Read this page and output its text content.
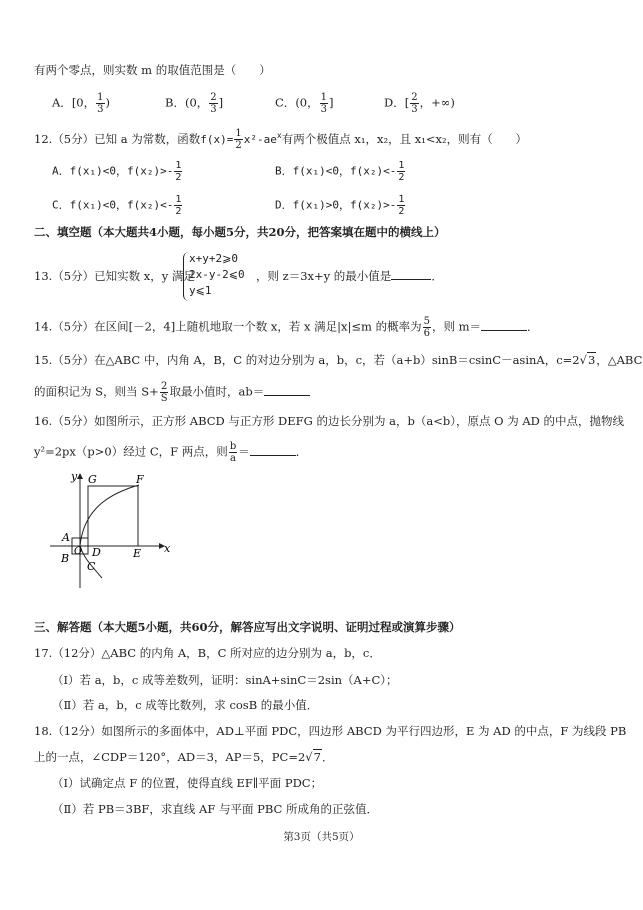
有两个零点，则实数 m 的取值范围是（　　）
A．[0， $\frac{1}{3}$ )	B．(0， $\frac{2}{3}$ ]	C．(0， $\frac{1}{3}$ ]	D．[ $\frac{2}{3}$ ，+∞)
12.（5分）已知 a 为常数，函数$f(x)= \frac{1}{2} x^2-ae^x$有两个极值点 x₁，x₂，且 x₁<x₂，则有（　　）
A．f(x₁)<0，$f(x_2)>- \frac{1}{2}$	B．f(x₁)<0，$f(x_2)<- \frac{1}{2}$
C．f(x₁)<0，$f(x_2)<- \frac{1}{2}$	D．f(x₁)>0，$f(x_2)>- \frac{1}{2}$
二、填空题（本大题共4小题，每小题5分，共20分，把答案填在题中的横线上）
13.（5分）已知实数 x，y 满足
x+y+2⩾0
2x-y-2⩽0
y⩽1
，则 z＝3x+y 的最小值是	．
14.（5分）在区间[－2，4]上随机地取一个数 x，若 x 满足|x|≤m 的概率为 $\frac{5}{6}$ ，则 m＝	．
15.（5分）在△ABC 中，内角 A，B，C 的对边分别为 a，b，c，若（a+b）sinB＝csinC－asinA，c=2√3，△ABC
的面积记为 S，则当 $S+ \frac{2}{S}$ 取最小值时，ab＝
16.（5分）如图所示，正方形 ABCD 与正方形 DEFG 的边长分别为 a，b（a<b），原点 O 为 AD 的中点，抛物线
y²=2px（p>0）经过 C，F 两点，则 $\frac{b}{a}$ ＝	．
y
x
G	F
A
O D	E
B
C
三、解答题（本大题5小题，共60分，解答应写出文字说明、证明过程或演算步骤）
17.（12分）△ABC 的内角 A，B，C 所对应的边分别为 a，b，c．
（Ⅰ）若 a，b，c 成等差数列，证明：sinA+sinC＝2sin（A+C）；
（Ⅱ）若 a，b，c 成等比数列，求 cosB 的最小值．
18.（12分）如图所示的多面体中，AD⊥平面 PDC，四边形 ABCD 为平行四边形，E 为 AD 的中点，F 为线段 PB
上的一点，∠CDP＝120°，AD＝3，AP＝5，PC=2√7．
（Ⅰ）试确定点 F 的位置，使得直线 EF∥平面 PDC；
（Ⅱ）若 PB＝3BF，求直线 AF 与平面 PBC 所成角的正弦值．
第3页（共5页）
